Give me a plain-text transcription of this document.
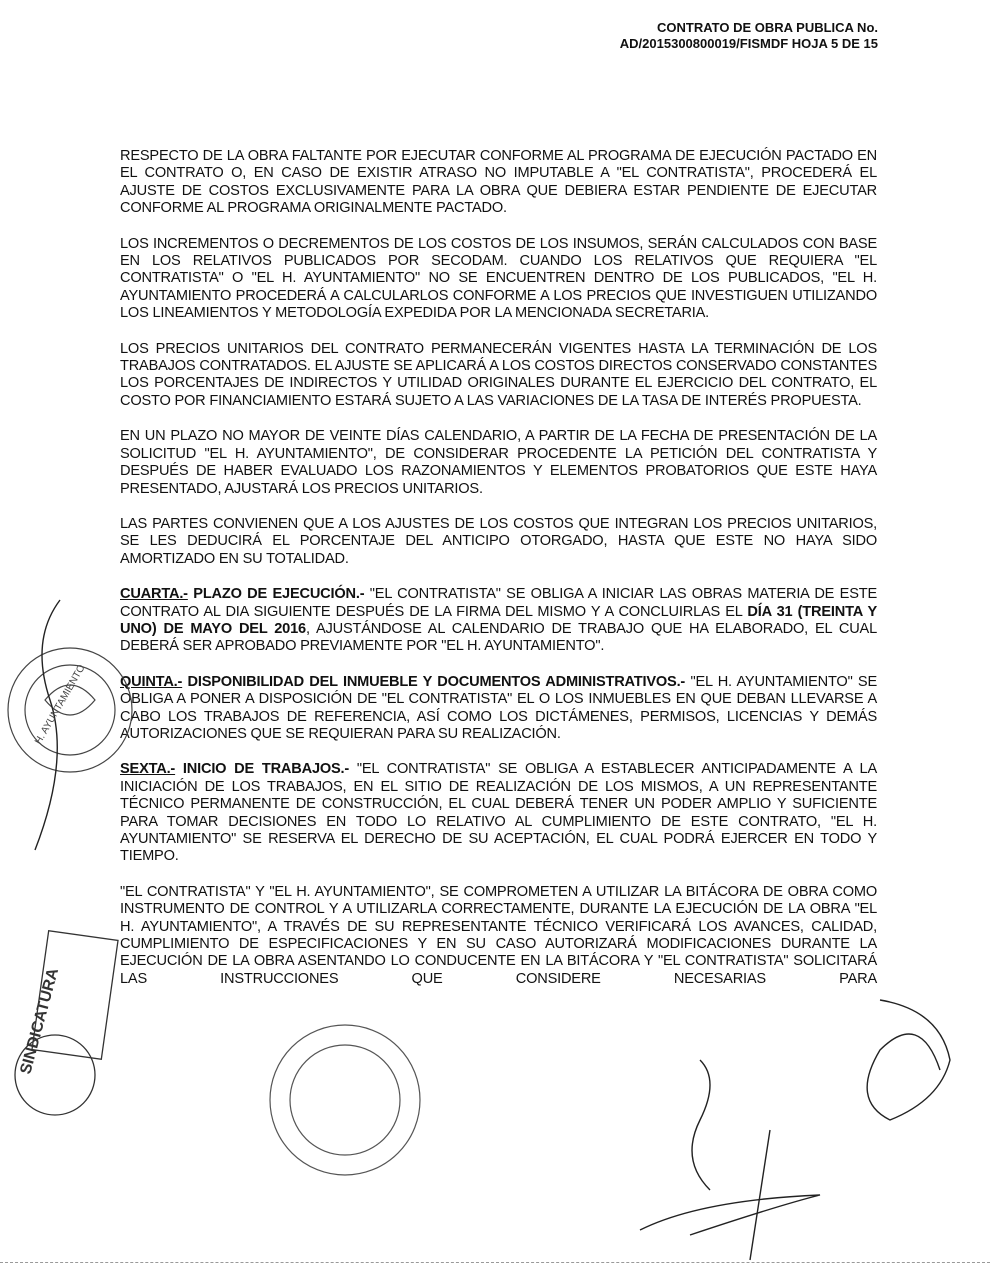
CONTRATO DE OBRA PUBLICA No.
AD/2015300800019/FISMDF HOJA 5 DE 15

RESPECTO DE LA OBRA FALTANTE POR EJECUTAR CONFORME AL PROGRAMA DE EJECUCIÓN PACTADO EN EL CONTRATO O, EN CASO DE EXISTIR ATRASO NO IMPUTABLE A "EL CONTRATISTA", PROCEDERÁ EL AJUSTE DE COSTOS EXCLUSIVAMENTE PARA LA OBRA QUE DEBIERA ESTAR PENDIENTE DE EJECUTAR CONFORME AL PROGRAMA ORIGINALMENTE PACTADO.

LOS INCREMENTOS O DECREMENTOS DE LOS COSTOS DE LOS INSUMOS, SERÁN CALCULADOS CON BASE EN LOS RELATIVOS PUBLICADOS POR SECODAM. CUANDO LOS RELATIVOS QUE REQUIERA "EL CONTRATISTA" O "EL H. AYUNTAMIENTO" NO SE ENCUENTREN DENTRO DE LOS PUBLICADOS, "EL H. AYUNTAMIENTO PROCEDERÁ A CALCULARLOS CONFORME A LOS PRECIOS QUE INVESTIGUEN UTILIZANDO LOS LINEAMIENTOS Y METODOLOGÍA EXPEDIDA POR LA MENCIONADA SECRETARIA.

LOS PRECIOS UNITARIOS DEL CONTRATO PERMANECERÁN VIGENTES HASTA LA TERMINACIÓN DE LOS TRABAJOS CONTRATADOS. EL AJUSTE SE APLICARÁ A LOS COSTOS DIRECTOS CONSERVADO CONSTANTES LOS PORCENTAJES DE INDIRECTOS Y UTILIDAD ORIGINALES DURANTE EL EJERCICIO DEL CONTRATO, EL COSTO POR FINANCIAMIENTO ESTARÁ SUJETO A LAS VARIACIONES DE LA TASA DE INTERÉS PROPUESTA.

EN UN PLAZO NO MAYOR DE VEINTE DÍAS CALENDARIO, A PARTIR DE LA FECHA DE PRESENTACIÓN DE LA SOLICITUD "EL H. AYUNTAMIENTO", DE CONSIDERAR PROCEDENTE LA PETICIÓN DEL CONTRATISTA Y DESPUÉS DE HABER EVALUADO LOS RAZONAMIENTOS Y ELEMENTOS PROBATORIOS QUE ESTE HAYA PRESENTADO, AJUSTARÁ LOS PRECIOS UNITARIOS.

LAS PARTES CONVIENEN QUE A LOS AJUSTES DE LOS COSTOS QUE INTEGRAN LOS PRECIOS UNITARIOS, SE LES DEDUCIRÁ EL PORCENTAJE DEL ANTICIPO OTORGADO, HASTA QUE ESTE NO HAYA SIDO AMORTIZADO EN SU TOTALIDAD.

CUARTA.- PLAZO DE EJECUCIÓN.- "EL CONTRATISTA" SE OBLIGA A INICIAR LAS OBRAS MATERIA DE ESTE CONTRATO AL DIA SIGUIENTE DESPUÉS DE LA FIRMA DEL MISMO Y A CONCLUIRLAS EL DÍA 31 (TREINTA Y UNO) DE MAYO DEL 2016, AJUSTÁNDOSE AL CALENDARIO DE TRABAJO QUE HA ELABORADO, EL CUAL DEBERÁ SER APROBADO PREVIAMENTE POR "EL H. AYUNTAMIENTO".

QUINTA.- DISPONIBILIDAD DEL INMUEBLE Y DOCUMENTOS ADMINISTRATIVOS.- "EL H. AYUNTAMIENTO" SE OBLIGA A PONER A DISPOSICIÓN DE "EL CONTRATISTA" EL O LOS INMUEBLES EN QUE DEBAN LLEVARSE A CABO LOS TRABAJOS DE REFERENCIA, ASÍ COMO LOS DICTÁMENES, PERMISOS, LICENCIAS Y DEMÁS AUTORIZACIONES QUE SE REQUIERAN PARA SU REALIZACIÓN.

SEXTA.- INICIO DE TRABAJOS.- "EL CONTRATISTA" SE OBLIGA A ESTABLECER ANTICIPADAMENTE A LA INICIACIÓN DE LOS TRABAJOS, EN EL SITIO DE REALIZACIÓN DE LOS MISMOS, A UN REPRESENTANTE TÉCNICO PERMANENTE DE CONSTRUCCIÓN, EL CUAL DEBERÁ TENER UN PODER AMPLIO Y SUFICIENTE PARA TOMAR DECISIONES EN TODO LO RELATIVO AL CUMPLIMIENTO DE ESTE CONTRATO, "EL H. AYUNTAMIENTO" SE RESERVA EL DERECHO DE SU ACEPTACIÓN, EL CUAL PODRÁ EJERCER EN TODO Y TIEMPO.

"EL CONTRATISTA" Y "EL H. AYUNTAMIENTO", SE COMPROMETEN A UTILIZAR LA BITÁCORA DE OBRA COMO INSTRUMENTO DE CONTROL Y A UTILIZARLA CORRECTAMENTE, DURANTE LA EJECUCIÓN DE LA OBRA "EL H. AYUNTAMIENTO", A TRAVÉS DE SU REPRESENTANTE TÉCNICO VERIFICARÁ LOS AVANCES, CALIDAD, CUMPLIMIENTO DE ESPECIFICACIONES Y EN SU CASO AUTORIZARÁ MODIFICACIONES DURANTE LA EJECUCIÓN DE LA OBRA ASENTANDO LO CONDUCENTE EN LA BITÁCORA Y "EL CONTRATISTA" SOLICITARÁ LAS INSTRUCCIONES QUE CONSIDERE NECESARIAS PARA

H. AYUNTAMIENTO
SINDICATURA
